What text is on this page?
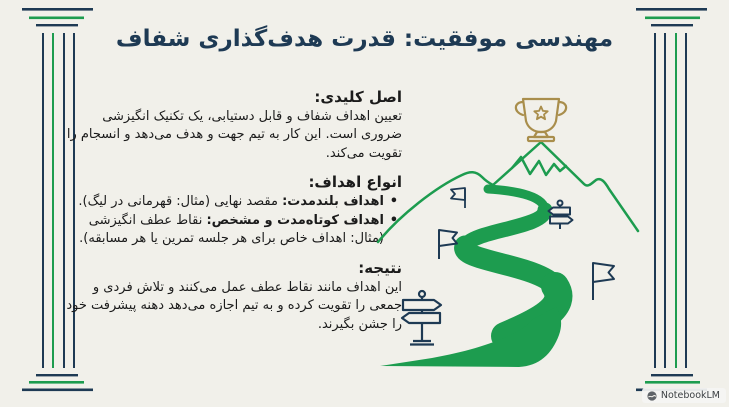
مهندسی موفقیت: قدرت هدف‌گذاری شفاف
اصل کلیدی:

تعیین اهداف شفاف و قابل دستیابی، یک تکنیک انگیزشی ضروری است. این کار به تیم جهت و هدف می‌دهد و انسجام را تقویت می‌کند.

انواع اهداف:
• اهداف بلندمدت: مقصد نهایی (مثال: قهرمانی در لیگ).
• اهداف کوتاه‌مدت و مشخص: نقاط عطف انگیزشی (مثال: اهداف خاص برای هر جلسه تمرین یا هر مسابقه).
نتیجه:

این اهداف مانند نقاط عطف عمل می‌کنند و تلاش فردی و جمعی را تقویت کرده و به تیم اجازه می‌دهد دهنه پیشرفت خود را جشن بگیرند.

NotebookLM
